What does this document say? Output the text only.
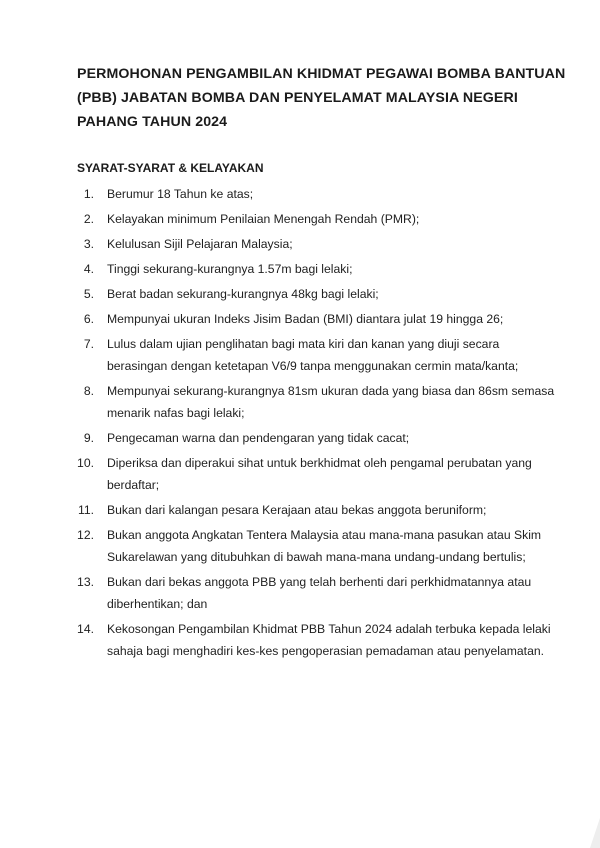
PERMOHONAN PENGAMBILAN KHIDMAT PEGAWAI BOMBA BANTUAN
(PBB) JABATAN BOMBA DAN PENYELAMAT MALAYSIA NEGERI
PAHANG TAHUN 2024
SYARAT-SYARAT & KELAYAKAN
1. Berumur 18 Tahun ke atas;
2. Kelayakan minimum Penilaian Menengah Rendah (PMR);
3. Kelulusan Sijil Pelajaran Malaysia;
4. Tinggi sekurang-kurangnya 1.57m bagi lelaki;
5. Berat badan sekurang-kurangnya 48kg bagi lelaki;
6. Mempunyai ukuran Indeks Jisim Badan (BMI) diantara julat 19 hingga 26;
7. Lulus dalam ujian penglihatan bagi mata kiri dan kanan yang diuji secara
berasingan dengan ketetapan V6/9 tanpa menggunakan cermin mata/kanta;
8. Mempunyai sekurang-kurangnya 81sm ukuran dada yang biasa dan 86sm semasa
menarik nafas bagi lelaki;
9. Pengecaman warna dan pendengaran yang tidak cacat;
10. Diperiksa dan diperakui sihat untuk berkhidmat oleh pengamal perubatan yang
berdaftar;
11. Bukan dari kalangan pesara Kerajaan atau bekas anggota beruniform;
12. Bukan anggota Angkatan Tentera Malaysia atau mana-mana pasukan atau Skim
Sukarelawan yang ditubuhkan di bawah mana-mana undang-undang bertulis;
13. Bukan dari bekas anggota PBB yang telah berhenti dari perkhidmatannya atau
diberhentikan; dan
14. Kekosongan Pengambilan Khidmat PBB Tahun 2024 adalah terbuka kepada lelaki
sahaja bagi menghadiri kes-kes pengoperasian pemadaman atau penyelamatan.
